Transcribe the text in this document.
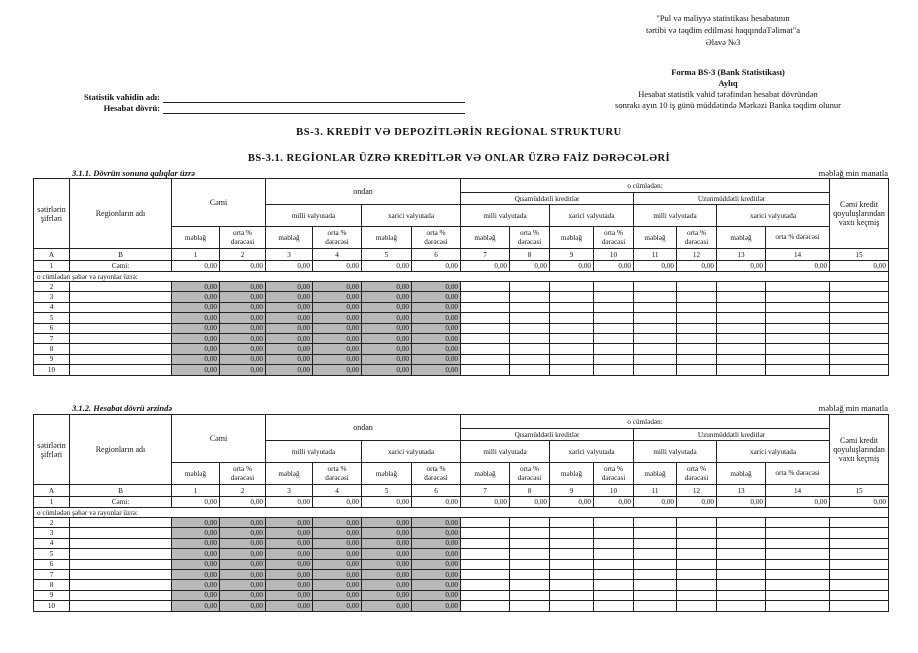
"Pul və maliyyə statistikası hesabatının
tərtibi və təqdim edilməsi haqqındaTəlimat"a
Əlavə №3
Forma BS-3 (Bank Statistikası)
Aylıq
Hesabat statistik vahid tərəfindən hesabat dövründən
sonrakı ayın 10 iş günü müddətində Mərkəzi Banka təqdim olunur
Statistik vahidin adı:
Hesabat dövrü:
BS-3. KREDİT VƏ DEPOZİTLƏRİN REGİONAL STRUKTURU
BS-3.1. REGİONLAR ÜZRƏ KREDİTLƏR VƏ ONLAR ÜZRƏ FAİZ DƏRƏCƏLƏRİ
3.1.1. Dövrün sonuna qalıqlar üzrə	məbləğ min manatla
3.1.2. Hesabat dövrü ərzində	məbləğ min manatla
sətirlərin şifrləri	Regionların adı	Cəmi		ondan				o cümlədən:								Cəmi kredit qoyuluşlarından vaxtı keçmiş
								Qısamüddətli kreditlər				Uzunmüddətli kreditlər				
				milli valyutada		xarici valyutada		milli valyutada		xarici valyutada		milli valyutada		xarici valyutada		
		məbləğ	orta % dərəcəsi	məbləğ	orta % dərəcəsi	məbləğ	orta % dərəcəsi	məbləğ	orta % dərəcəsi	məbləğ	orta % dərəcəsi	məbləğ	orta % dərəcəsi	məbləğ	orta % dərəcəsi	
A	B	1	2	3	4	5	6	7	8	9	10	11	12	13	14	15
1	Cəmi:	0,00	0,00	0,00	0,00	0,00	0,00	0,00	0,00	0,00	0,00	0,00	0,00	0,00	0,00	0,00
o cümlədən şəhər və rayonlar üzrə:																
2		0,00	0,00	0,00	0,00	0,00	0,00									
3		0,00	0,00	0,00	0,00	0,00	0,00									
4		0,00	0,00	0,00	0,00	0,00	0,00									
5		0,00	0,00	0,00	0,00	0,00	0,00									
6		0,00	0,00	0,00	0,00	0,00	0,00									
7		0,00	0,00	0,00	0,00	0,00	0,00									
8		0,00	0,00	0,00	0,00	0,00	0,00									
9		0,00	0,00	0,00	0,00	0,00	0,00									
10		0,00	0,00	0,00	0,00	0,00	0,00									
sətirlərin şifrləri	Regionların adı	Cəmi		ondan				o cümlədən:								Cəmi kredit qoyuluşlarından vaxtı keçmiş
								Qısamüddətli kreditlər				Uzunmüddətli kreditlər				
				milli valyutada		xarici valyutada		milli valyutada		xarici valyutada		milli valyutada		xarici valyutada		
		məbləğ	orta % dərəcəsi	məbləğ	orta % dərəcəsi	məbləğ	orta % dərəcəsi	məbləğ	orta % dərəcəsi	məbləğ	orta % dərəcəsi	məbləğ	orta % dərəcəsi	məbləğ	orta % dərəcəsi	
A	B	1	2	3	4	5	6	7	8	9	10	11	12	13	14	15
1	Cəmi:	0,00	0,00	0,00	0,00	0,00	0,00	0,00	0,00	0,00	0,00	0,00	0,00	0,00	0,00	0,00
o cümlədən şəhər və rayonlar üzrə:																
2		0,00	0,00	0,00	0,00	0,00	0,00									
3		0,00	0,00	0,00	0,00	0,00	0,00									
4		0,00	0,00	0,00	0,00	0,00	0,00									
5		0,00	0,00	0,00	0,00	0,00	0,00									
6		0,00	0,00	0,00	0,00	0,00	0,00									
7		0,00	0,00	0,00	0,00	0,00	0,00									
8		0,00	0,00	0,00	0,00	0,00	0,00									
9		0,00	0,00	0,00	0,00	0,00	0,00									
10		0,00	0,00	0,00	0,00	0,00	0,00									
